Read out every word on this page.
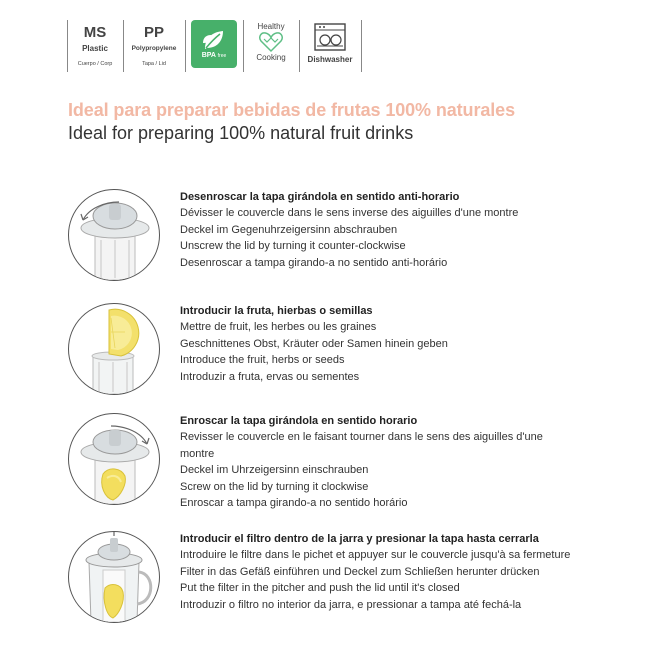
MS
Plastic
Cuerpo / Corp
PP
Polypropylene
Tapa / Lid
BPA free
Healthy
Cooking	Dishwasher
Ideal para preparar bebidas de frutas 100% naturales
Ideal for preparing 100% natural fruit drinks
Desenroscar la tapa girándola en sentido anti-horario
Dévisser le couvercle dans le sens inverse des aiguilles d'une montre
Deckel im Gegenuhrzeigersinn abschrauben
Unscrew the lid by turning it counter-clockwise
Desenroscar a tampa girando-a no sentido anti-horário
Introducir la fruta, hierbas o semillas
Mettre de fruit, les herbes ou les graines
Geschnittenes Obst, Kräuter oder Samen hinein geben
Introduce the fruit, herbs or seeds
Introduzir a fruta, ervas ou sementes
Enroscar la tapa girándola en sentido horario
Revisser le couvercle en le faisant tourner dans le sens des aiguilles d'une montre
Deckel im Uhrzeigersinn einschrauben
Screw on the lid by turning it clockwise
Enroscar a tampa girando-a no sentido horário
Introducir el filtro dentro de la jarra y presionar la tapa hasta cerrarla
Introduire le filtre dans le pichet et appuyer sur le couvercle jusqu'à sa fermeture
Filter in das Gefäß einführen und Deckel zum Schließen herunter drücken
Put the filter in the pitcher and push the lid until it's closed
Introduzir o filtro no interior da jarra, e pressionar a tampa até fechá-la
